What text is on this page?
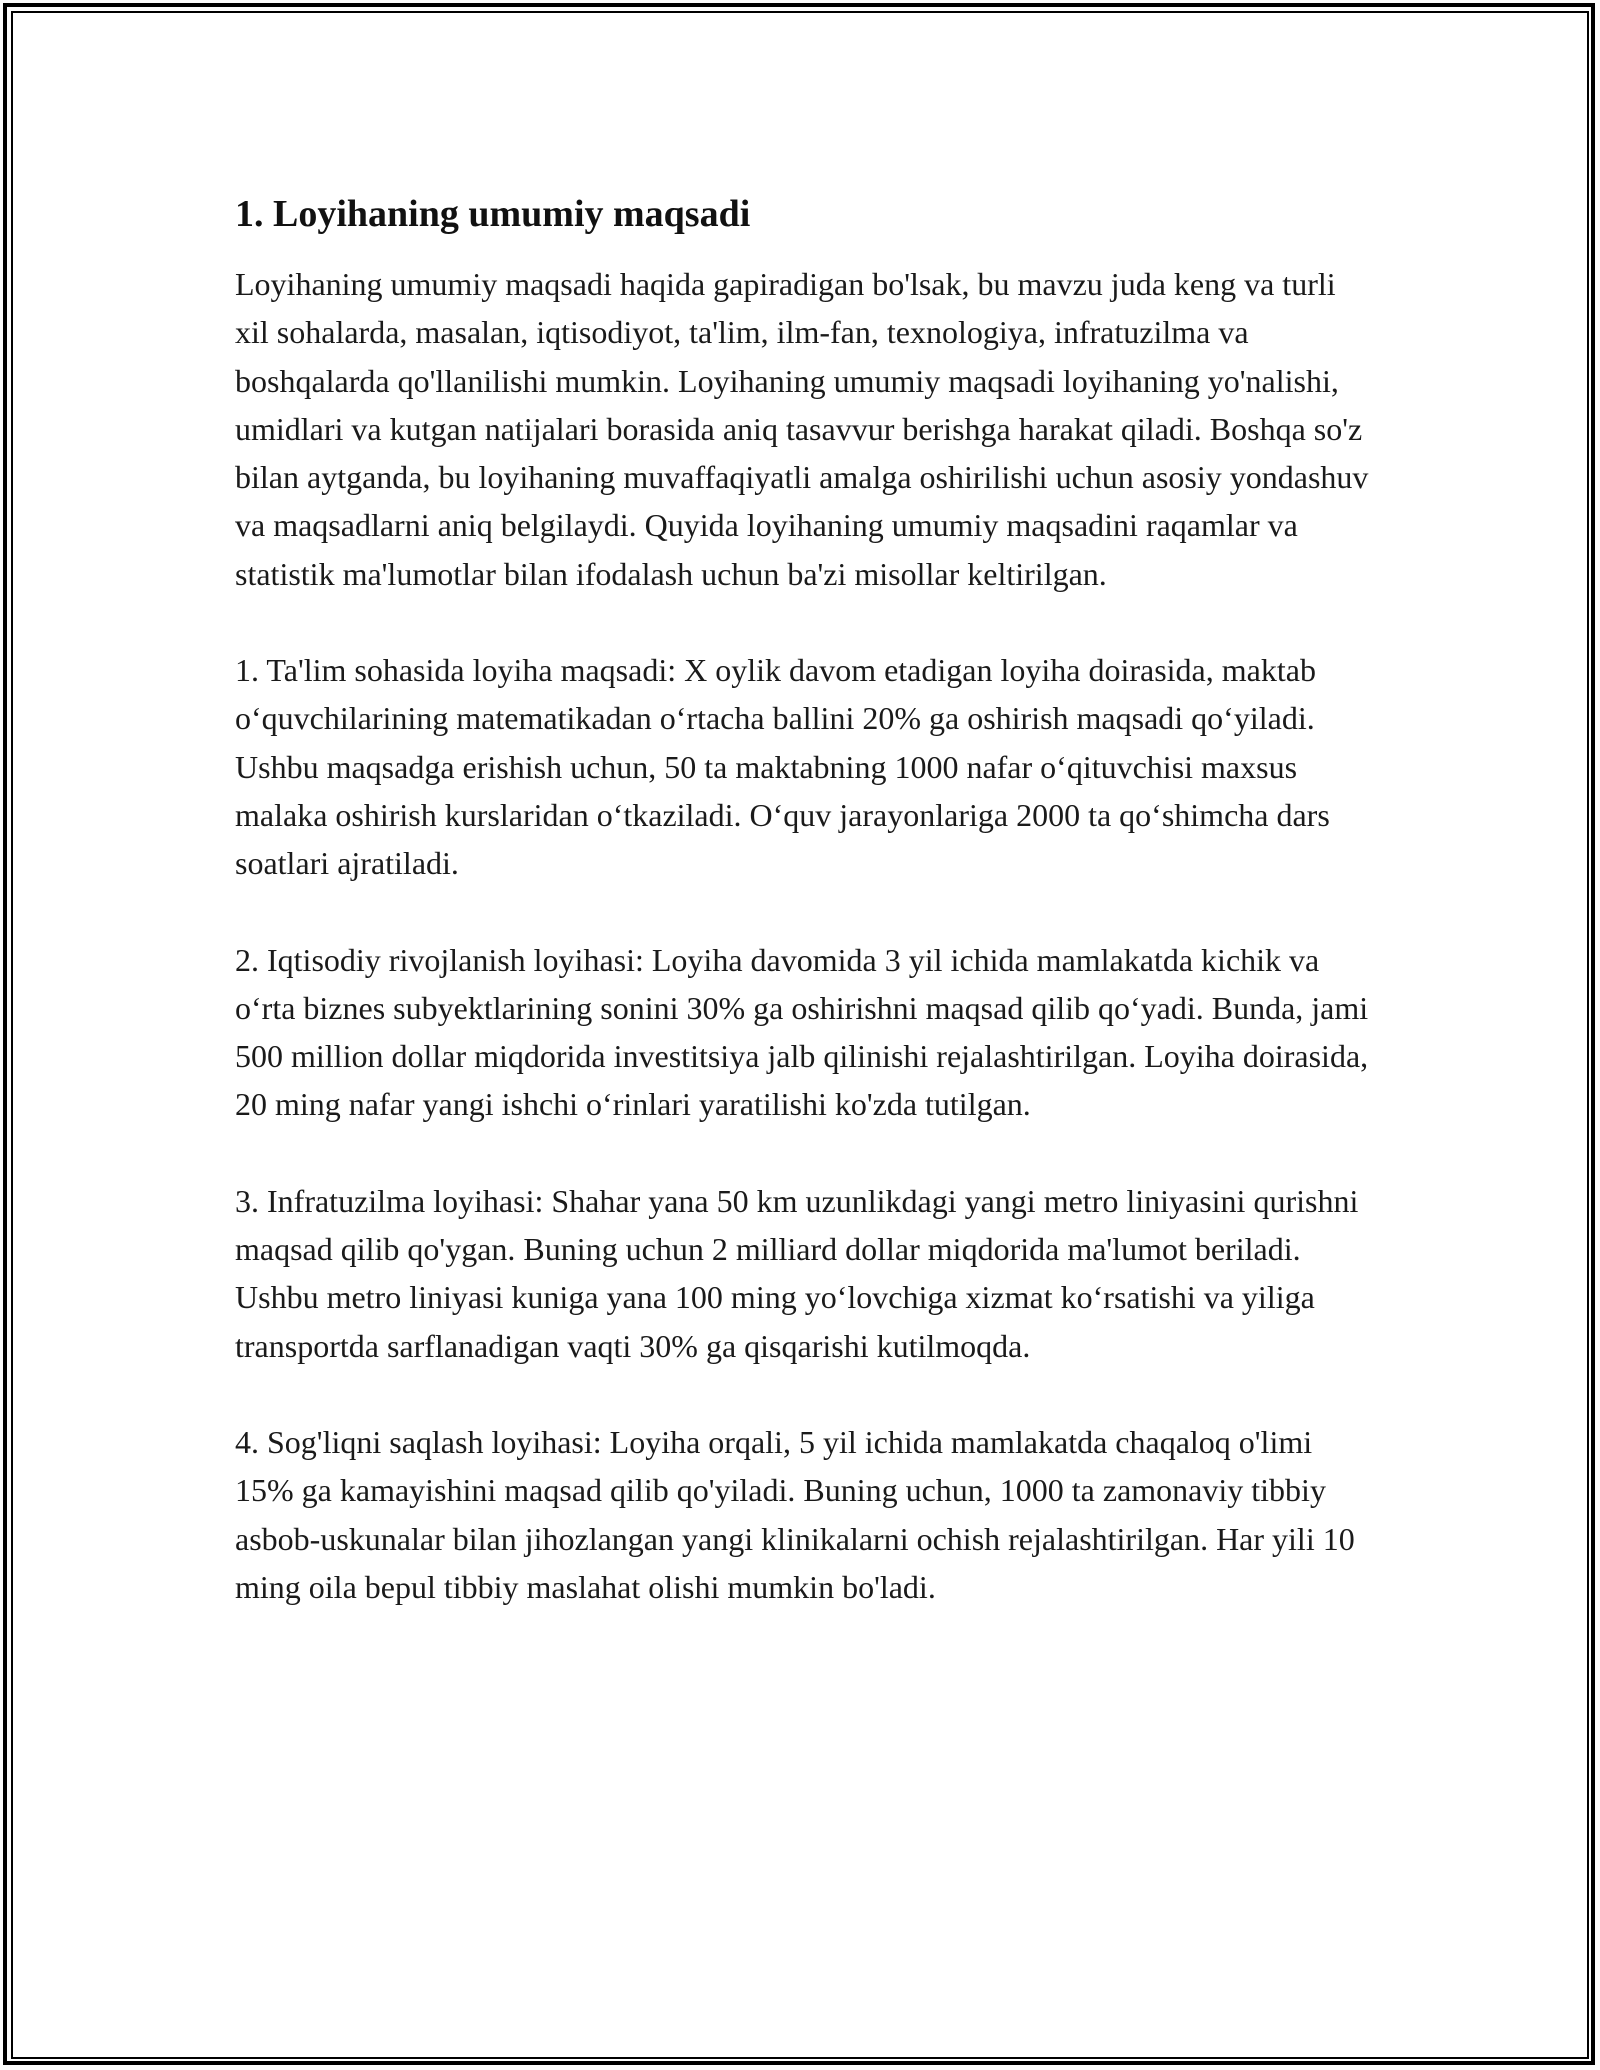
1. Loyihaning umumiy maqsadi

Loyihaning umumiy maqsadi haqida gapiradigan bo'lsak, bu mavzu juda keng va turli xil sohalarda, masalan, iqtisodiyot, ta'lim, ilm-fan, texnologiya, infratuzilma va boshqalarda qo'llanilishi mumkin. Loyihaning umumiy maqsadi loyihaning yo'nalishi, umidlari va kutgan natijalari borasida aniq tasavvur berishga harakat qiladi. Boshqa so'z bilan aytganda, bu loyihaning muvaffaqiyatli amalga oshirilishi uchun asosiy yondashuv va maqsadlarni aniq belgilaydi. Quyida loyihaning umumiy maqsadini raqamlar va statistik ma'lumotlar bilan ifodalash uchun ba'zi misollar keltirilgan.

1. Ta'lim sohasida loyiha maqsadi: X oylik davom etadigan loyiha doirasida, maktab o‘quvchilarining matematikadan o‘rtacha ballini 20% ga oshirish maqsadi qo‘yiladi. Ushbu maqsadga erishish uchun, 50 ta maktabning 1000 nafar o‘qituvchisi maxsus malaka oshirish kurslaridan o‘tkaziladi. O‘quv jarayonlariga 2000 ta qo‘shimcha dars soatlari ajratiladi.

2. Iqtisodiy rivojlanish loyihasi: Loyiha davomida 3 yil ichida mamlakatda kichik va o‘rta biznes subyektlarining sonini 30% ga oshirishni maqsad qilib qo‘yadi. Bunda, jami 500 million dollar miqdorida investitsiya jalb qilinishi rejalashtirilgan. Loyiha doirasida, 20 ming nafar yangi ishchi o‘rinlari yaratilishi ko'zda tutilgan.

3. Infratuzilma loyihasi: Shahar yana 50 km uzunlikdagi yangi metro liniyasini qurishni maqsad qilib qo'ygan. Buning uchun 2 milliard dollar miqdorida ma'lumot beriladi. Ushbu metro liniyasi kuniga yana 100 ming yo‘lovchiga xizmat ko‘rsatishi va yiliga transportda sarflanadigan vaqti 30% ga qisqarishi kutilmoqda.

4. Sog'liqni saqlash loyihasi: Loyiha orqali, 5 yil ichida mamlakatda chaqaloq o'limi 15% ga kamayishini maqsad qilib qo'yiladi. Buning uchun, 1000 ta zamonaviy tibbiy asbob-uskunalar bilan jihozlangan yangi klinikalarni ochish rejalashtirilgan. Har yili 10 ming oila bepul tibbiy maslahat olishi mumkin bo'ladi.
